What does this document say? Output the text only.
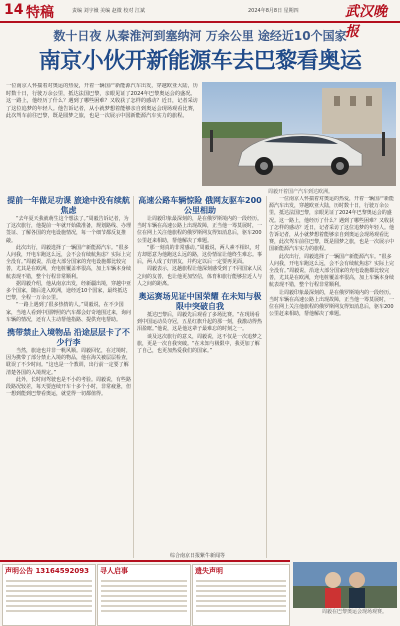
14 特稿	责编 刘宇嶶 美编 赵微 校对 江斌	2024年8月8日 星期四	武汉晚报
数十日夜 从秦淮河到塞纳河 万余公里 途经近10个国家
南京小伙开新能源车去巴黎看奥运
一位南京人怀揣着对奥运的热爱，开着一辆国产新能源汽车出发，穿越欧亚大陆，历时数十日，行驶万余公里，抵达法国巴黎，亲眼见证了2024年巴黎奥运会的盛况。这一路上，他经历了什么？遇到了哪些困难？又收获了怎样的感动？近日，记者采访了这位追梦的年轻人。他告诉记者，从小就梦想着能够亲自到奥运会现场观看比赛，此次驾车前往巴黎，既是圆梦之旅，也是一次展示中国新能源汽车实力的旅程。
周毅开着国产汽车到达欧洲。
提前一年做足功课 旅途中没有续航焦虑

“去年夏天我就萌生这个想法了。”周毅告诉记者，为了这次旅行，他提前一年就开始做准备，规划路线、办理签证、了解各国的充电设施情况，每一个细节都反复推敲。

此次出行，周毅选择了一辆国产新能源汽车。“很多人问我，开电车跑这么远，会不会有续航焦虑？实际上完全没有。”周毅说，沿途大部分国家的充电设施都比较完善，尤其是在欧洲，充电桩覆盖率很高，加上车辆本身续航表现不错，整个行程非常顺利。

据周毅介绍，他从南京出发，经新疆出境，穿越中亚多个国家，随后进入欧洲，途经近10个国家，最终抵达巴黎，全程一万余公里。

“一路上遇到了很多热情的人。”周毅说，在不少国家，当地人看到中国牌照的汽车都会好奇地围过来，询问车辆的情况，还有人主动帮他指路、提供充电帮助。

携带禁止入境物品 沿途层层卡了不少行李

当然，旅途也并非一帆风顺。周毅回忆，在过境时，因为携带了部分禁止入境的物品，他在海关被层层检查，耽误了不少时间。“这也是一个教训，出行前一定要了解清楚各国的入境规定。”

此外，长时间驾驶也是不小的考验。周毅说，有些路段路况较差，每天要连续开车十多个小时，非常疲惫，但一想到能到巴黎看奥运，就觉得一切都值得。

高速公路车辆惊险 俄网友驱车200公里相助

让周毅印象最深刻的，是在俄罗斯境内的一段经历。当时车辆在高速公路上出现故障，正当他一筹莫展时，一位在网上关注他旅程的俄罗斯网友得知消息后，驱车200公里赶来相助，帮他解决了难题。

“那一刻真的非常感动。”周毅说，两人素不相识，对方却愿意为他跑这么远的路，这份情谊让他终生难忘。事后，两人成了好朋友，并约定以后一定要再见面。

周毅表示，这趟旅程让他深刻感受到了不同国家人民之间的友善，也让他更加坚信，体育和旅行能够拉近人与人之间的距离。

奥运赛场见证中国荣耀 在未知与极限中突破自我

抵达巴黎后，周毅先后观看了多场比赛。“在现场看到中国运动员夺冠，五星红旗升起的那一刻，我激动得热泪盈眶。”他说，这是他这辈子最难忘的时刻之一。

谈及这次旅行的意义，周毅说，这不仅是一次追梦之旅，更是一次自我突破。“在未知与极限中，我更加了解了自己，也更加热爱我们的国家。”

一位南京人怀揣着对奥运的热爱，开着一辆国产新能源汽车出发，穿越欧亚大陆，历时数十日，行驶万余公里，抵达法国巴黎，亲眼见证了2024年巴黎奥运会的盛况。这一路上，他经历了什么？遇到了哪些困难？又收获了怎样的感动？近日，记者采访了这位追梦的年轻人。他告诉记者，从小就梦想着能够亲自到奥运会现场观看比赛，此次驾车前往巴黎，既是圆梦之旅，也是一次展示中国新能源汽车实力的旅程。

此次出行，周毅选择了一辆国产新能源汽车。“很多人问我，开电车跑这么远，会不会有续航焦虑？实际上完全没有。”周毅说，沿途大部分国家的充电设施都比较完善，尤其是在欧洲，充电桩覆盖率很高，加上车辆本身续航表现不错，整个行程非常顺利。

让周毅印象最深刻的，是在俄罗斯境内的一段经历。当时车辆在高速公路上出现故障，正当他一筹莫展时，一位在网上关注他旅程的俄罗斯网友得知消息后，驱车200公里赶来相助，帮他解决了难题。

综合南京日报紫牛新闻等
声明公告 13164592093	寻人启事	遗失声明
周毅在巴黎奥运会现场观赛。
